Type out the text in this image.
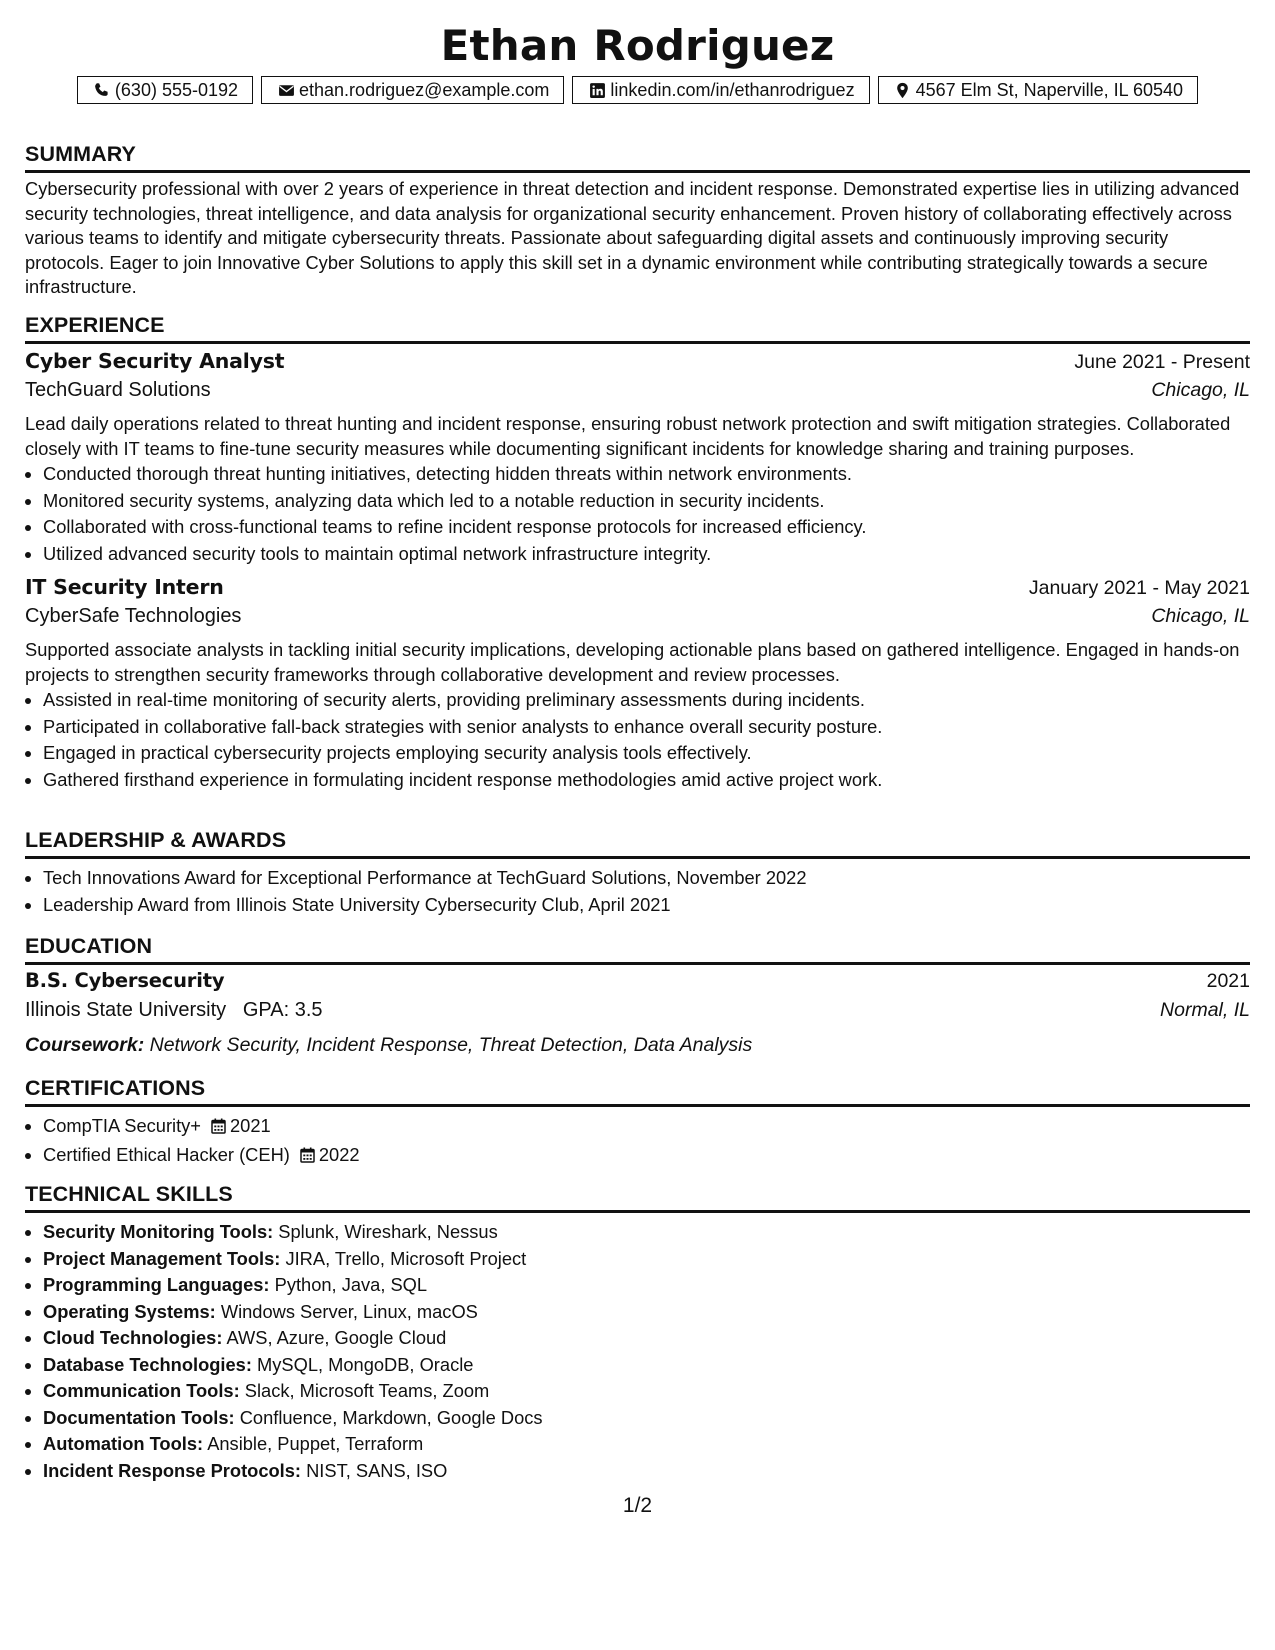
Ethan Rodriguez
(630) 555-0192	ethan.rodriguez@example.com	linkedin.com/in/ethanrodriguez	4567 Elm St, Naperville, IL 60540
SUMMARY

Cybersecurity professional with over 2 years of experience in threat detection and incident response. Demonstrated expertise lies in utilizing advanced security technologies, threat intelligence, and data analysis for organizational security enhancement. Proven history of collaborating effectively across various teams to identify and mitigate cybersecurity threats. Passionate about safeguarding digital assets and continuously improving security protocols. Eager to join Innovative Cyber Solutions to apply this skill set in a dynamic environment while contributing strategically towards a secure infrastructure.

EXPERIENCE
Cyber Security Analyst	June 2021 - Present
TechGuard Solutions	Chicago, IL

Lead daily operations related to threat hunting and incident response, ensuring robust network protection and swift mitigation strategies. Collaborated closely with IT teams to fine-tune security measures while documenting significant incidents for knowledge sharing and training purposes.

• Conducted thorough threat hunting initiatives, detecting hidden threats within network environments.
• Monitored security systems, analyzing data which led to a notable reduction in security incidents.
• Collaborated with cross-functional teams to refine incident response protocols for increased efficiency.
• Utilized advanced security tools to maintain optimal network infrastructure integrity.
IT Security Intern	January 2021 - May 2021
CyberSafe Technologies	Chicago, IL

Supported associate analysts in tackling initial security implications, developing actionable plans based on gathered intelligence. Engaged in hands-on projects to strengthen security frameworks through collaborative development and review processes.

• Assisted in real-time monitoring of security alerts, providing preliminary assessments during incidents.
• Participated in collaborative fall-back strategies with senior analysts to enhance overall security posture.
• Engaged in practical cybersecurity projects employing security analysis tools effectively.
• Gathered firsthand experience in formulating incident response methodologies amid active project work.
LEADERSHIP & AWARDS
• Tech Innovations Award for Exceptional Performance at TechGuard Solutions, November 2022
• Leadership Award from Illinois State University Cybersecurity Club, April 2021
EDUCATION
B.S. Cybersecurity	2021
Illinois State University GPA: 3.5	Normal, IL
Coursework: Network Security, Incident Response, Threat Detection, Data Analysis
CERTIFICATIONS
• CompTIA Security+ 2021
• Certified Ethical Hacker (CEH) 2022
TECHNICAL SKILLS
• Security Monitoring Tools: Splunk, Wireshark, Nessus
• Project Management Tools: JIRA, Trello, Microsoft Project
• Programming Languages: Python, Java, SQL
• Operating Systems: Windows Server, Linux, macOS
• Cloud Technologies: AWS, Azure, Google Cloud
• Database Technologies: MySQL, MongoDB, Oracle
• Communication Tools: Slack, Microsoft Teams, Zoom
• Documentation Tools: Confluence, Markdown, Google Docs
• Automation Tools: Ansible, Puppet, Terraform
• Incident Response Protocols: NIST, SANS, ISO
1/2
